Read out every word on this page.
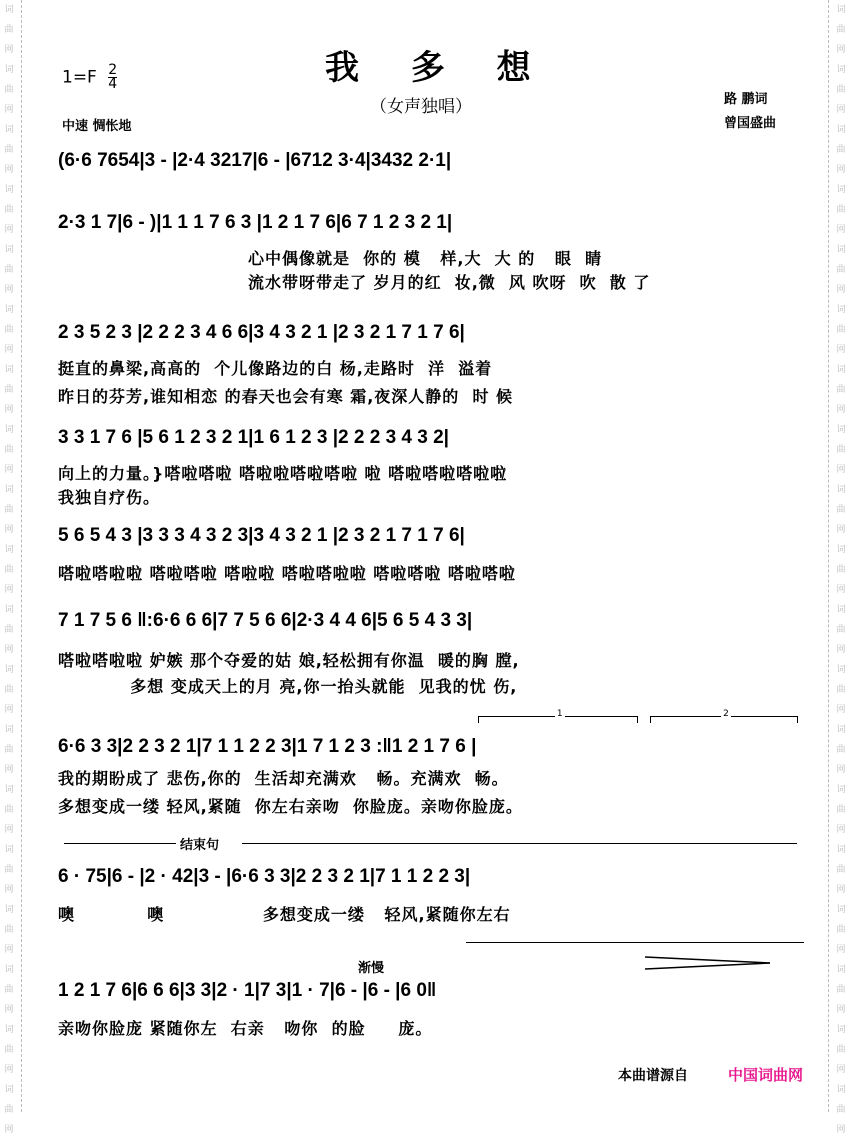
词
曲
网
词
曲
网
词
曲
网
词
曲
网
词
曲
网
词
曲
网
词
曲
网
词
曲
网
词
曲
网
词
曲
网
词
曲
网
词
曲
网
词
曲
网
词
曲
网
词
曲
网
词
曲
网
词
曲
网
词
曲
网
词
曲
网
词
曲
网
词
曲
网
词
曲
网
词
曲
网
词
曲
网
词
曲
网
词
曲
网
词
曲
网
词
曲
网
词
曲
网
词
曲
网
词
曲
网
词
曲
网
词
曲
网
词
曲
网
词
曲
网
词
曲
网
词
曲
网
词
曲
网
我 多 想
（女声独唱）
$1=F \frac{2}{4}$
中速 惆怅地
路 鹏词
曾国盛曲
(6·6 7654|3 - |2·4 3217|6 - |6712 3·4|3432 2·1|
2·3 1 7|6 - )|1 1 1 7 6 3 |1 2 1 7 6|6 7 1 2 3 2 1|
心中偶像就是  你的 模   样,大  大 的   眼  睛
流水带呀带走了 岁月的红  妆,微  风 吹呀  吹  散 了
2 3 5 2 3 |2 2 2 3 4 6 6|3 4 3 2 1 |2 3 2 1 7 1 7 6|
挺直的鼻梁,高高的  个儿像路边的白 杨,走路时  洋  溢着
昨日的芬芳,谁知相恋 的春天也会有寒 霜,夜深人静的  时 候
3 3 1 7 6 |5 6 1 2 3 2 1|1 6 1 2 3 |2 2 2 3 4 3 2|
向上的力量。}嗒啦嗒啦 嗒啦啦嗒啦嗒啦 啦 嗒啦嗒啦嗒啦啦
我独自疗伤。
5 6 5 4 3 |3 3 3 4 3 2 3|3 4 3 2 1 |2 3 2 1 7 1 7 6|
嗒啦嗒啦啦 嗒啦嗒啦 嗒啦啦 嗒啦嗒啦啦 嗒啦嗒啦 嗒啦嗒啦
7 1 7 5 6 ‖:6·6 6 6|7 7 5 6 6|2·3 4 4 6|5 6 5 4 3 3|
嗒啦嗒啦啦 妒嫉 那个夺爱的姑 娘,轻松拥有你温  暖的胸 膛,
多想 变成天上的月 亮,你一抬头就能  见我的忧 伤,
1	2
6·6 3 3|2 2 3 2 1|7 1 1 2 2 3|1 7 1 2 3 :‖1 2 1 7 6 |
我的期盼成了 悲伤,你的  生活却充满欢   畅。充满欢  畅。
多想变成一缕 轻风,紧随  你左右亲吻  你脸庞。亲吻你脸庞。
结束句
6 · 75|6 - |2 · 42|3 - |6·6 3 3|2 2 3 2 1|7 1 1 2 2 3|
噢           噢               多想变成一缕   轻风,紧随你左右
渐慢
1 2 1 7 6|6 6 6|3 3|2 · 1|7 3|1 · 7|6 - |6 - |6 0‖
亲吻你脸庞 紧随你左  右亲   吻你  的脸     庞。
本曲谱源自	中国词曲网
